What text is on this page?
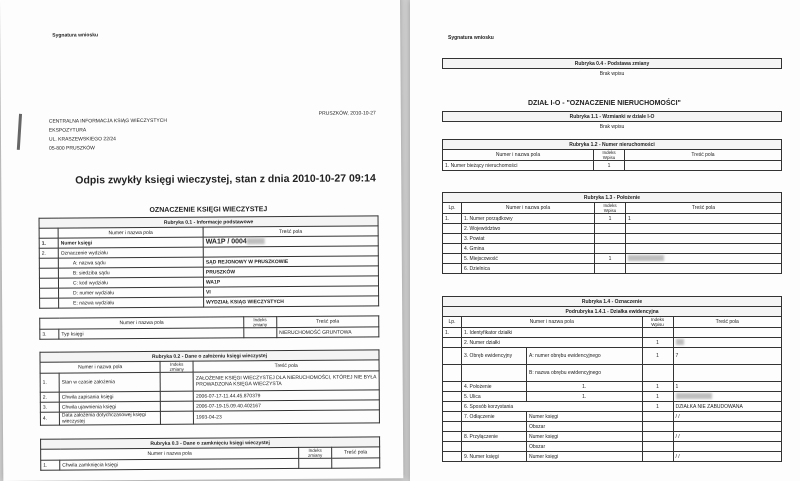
Sygnatura wniosku
CENTRALNA INFORMACJA KSIĄG WIECZYSTYCH
EKSPOZYTURA
UL. KRASZEWSKIEGO 22/24
05-800 PRUSZKÓW
PRUSZKÓW, 2010-10-27
Odpis zwykły księgi wieczystej, stan z dnia 2010-10-27 09:14
OZNACZENIE KSIĘGI WIECZYSTEJ
Rubryka 0.1 - Informacje podstawowe		
	Numer i nazwa pola	Treść pola
1.	Numer księgi	WA1P / 0004
2.	Oznaczenie wydziału	
	A: nazwa sądu	SĄD REJONOWY W PRUSZKOWIE
	B: siedziba sądu	PRUSZKÓW
	C: kod wydziału	WA1P
	D: numer wydziału	VI
	E: nazwa wydziału	WYDZIAŁ KSIĄG WIECZYSTYCH
Numer i nazwa pola		Indeks zmiany	Treść pola
3.	Typ księgi		NIERUCHOMOŚĆ GRUNTOWA
Rubryka 0.2 - Dane o założeniu księgi wieczystej			
Numer i nazwa pola		Indeks zmiany	Treść pola
1.	Stan w czasie założenia		ZAŁOŻENIE KSIĘGI WIECZYSTEJ DLA NIERUCHOMOŚCI, KTÓREJ NIE BYŁA PROWADZONA KSIĘGA WIECZYSTA
2.	Chwila zapisania księgi		2006-07-17-11.44.45.870379
3.	Chwila ujawnienia księgi		2006-07-19-15.09.40.402167
4.	Data założenia dotychczasowej księgi wieczystej		1993-04-23
Rubryka 0.3 - Dane o zamknięciu księgi wieczystej			
Numer i nazwa pola		Indeks zmiany	Treść pola
1.	Chwila zamknięcia księgi		
Sygnatura wniosku
Rubryka 0.4 - Podstawa zmiany
Brak wpisu
DZIAŁ I-O - "OZNACZENIE NIERUCHOMOŚCI"
Rubryka 1.1 - Wzmianki w dziale I-O
Brak wpisu
Rubryka 1.2 - Numer nieruchomości		
Numer i nazwa pola	Indeks Wpisu	Treść pola
1. Numer bieżący nieruchomości	1	
Rubryka 1.3 - Położenie			
Lp.	Numer i nazwa pola	Indeks Wpisu	Treść pola
1.	1. Numer porządkowy	1	1
	2. Województwo		
	3. Powiat		
	4. Gmina		
	5. Miejscowość	1	
	6. Dzielnica		
Rubryka 1.4 - Oznaczenie				
Podrubryka 1.4.1 - Działka ewidencyjna				
Lp.	Numer i nazwa pola		Indeks Wpisu	Treść pola
1.	1. Identyfikator działki			
	2. Numer działki		1	
	3. Obręb ewidencyjny	A: numer obrębu ewidencyjnego	1	7
		B: nazwa obrębu ewidencyjnego		
	4. Położenie	1.	1	1
	5. Ulica	1.	1	
	6. Sposób korzystania		1	DZIAŁKA NIE ZABUDOWANA
	7. Odłączenie	Numer księgi		/ /
		Obszar		
	8. Przyłączenie	Numer księgi		/ /
		Obszar		
	9. Numer księgi	Numer księgi		/ /
